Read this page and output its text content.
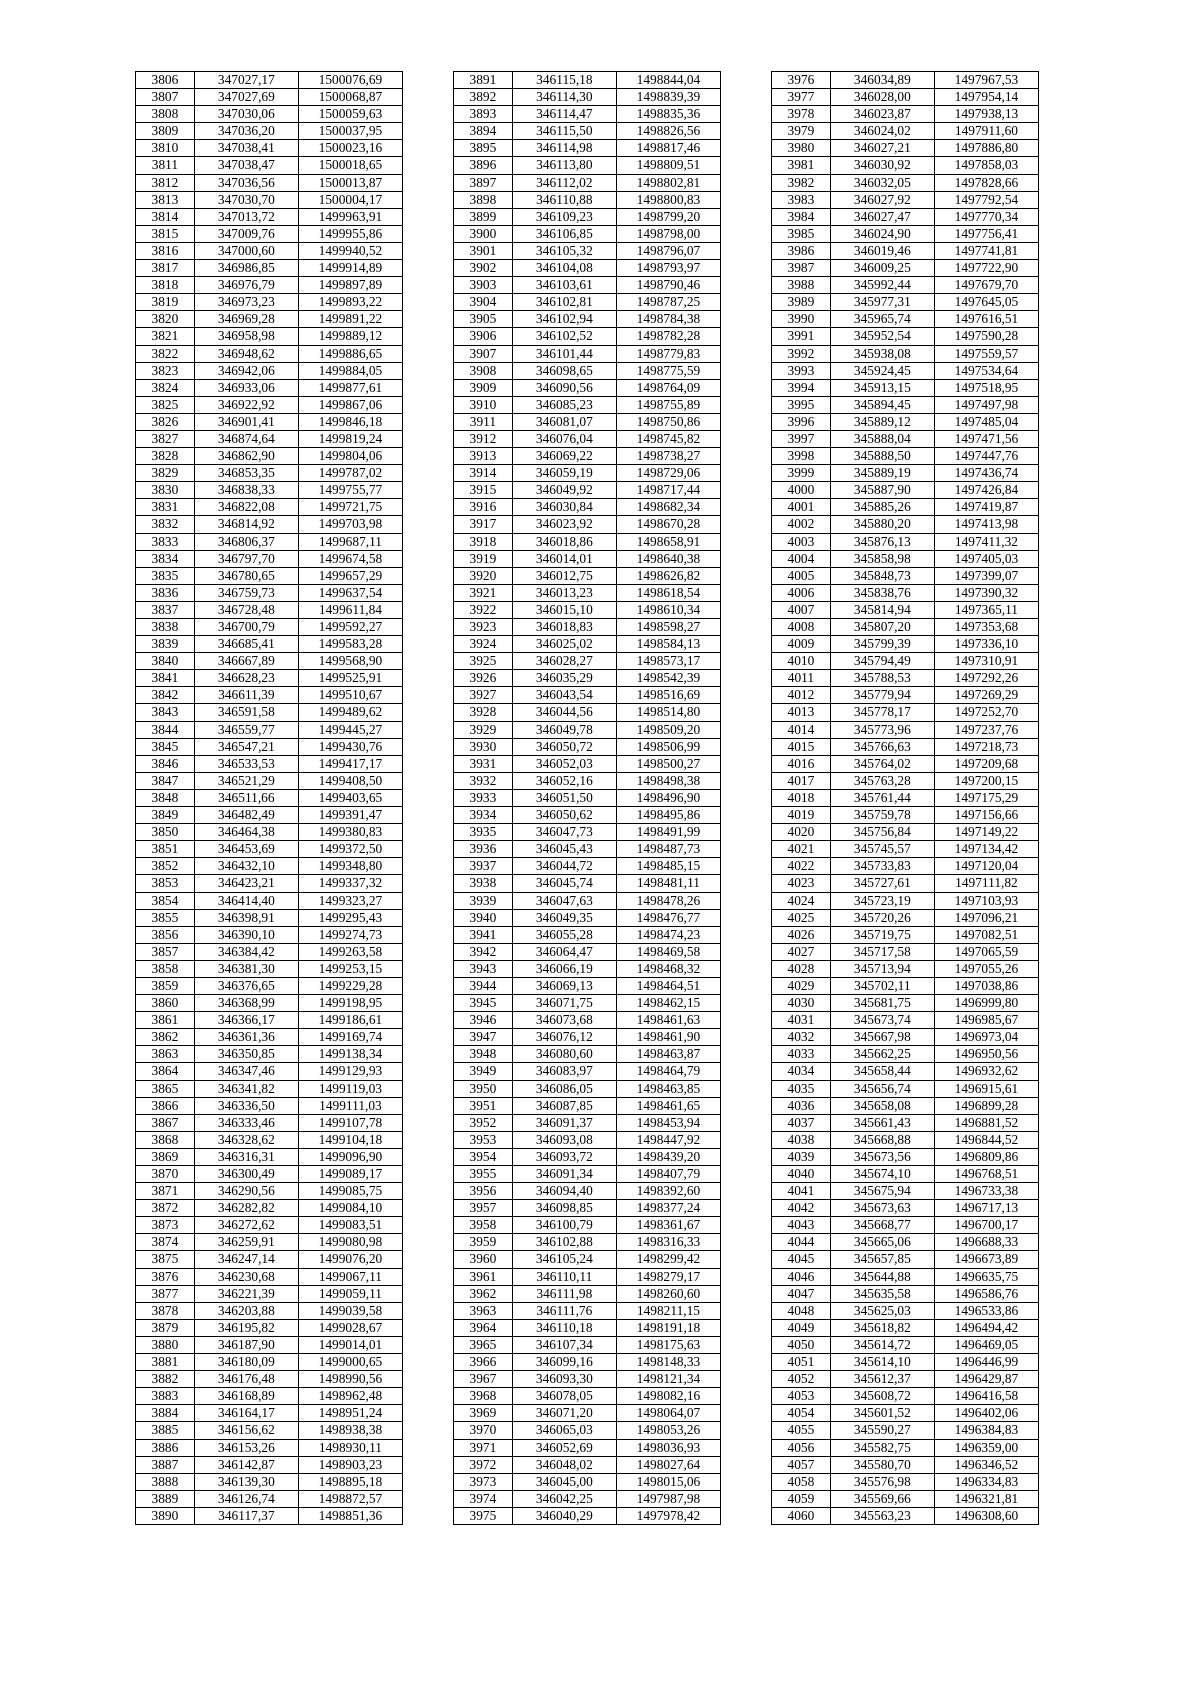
3806	347027,17	1500076,69
3807	347027,69	1500068,87
3808	347030,06	1500059,63
3809	347036,20	1500037,95
3810	347038,41	1500023,16
3811	347038,47	1500018,65
3812	347036,56	1500013,87
3813	347030,70	1500004,17
3814	347013,72	1499963,91
3815	347009,76	1499955,86
3816	347000,60	1499940,52
3817	346986,85	1499914,89
3818	346976,79	1499897,89
3819	346973,23	1499893,22
3820	346969,28	1499891,22
3821	346958,98	1499889,12
3822	346948,62	1499886,65
3823	346942,06	1499884,05
3824	346933,06	1499877,61
3825	346922,92	1499867,06
3826	346901,41	1499846,18
3827	346874,64	1499819,24
3828	346862,90	1499804,06
3829	346853,35	1499787,02
3830	346838,33	1499755,77
3831	346822,08	1499721,75
3832	346814,92	1499703,98
3833	346806,37	1499687,11
3834	346797,70	1499674,58
3835	346780,65	1499657,29
3836	346759,73	1499637,54
3837	346728,48	1499611,84
3838	346700,79	1499592,27
3839	346685,41	1499583,28
3840	346667,89	1499568,90
3841	346628,23	1499525,91
3842	346611,39	1499510,67
3843	346591,58	1499489,62
3844	346559,77	1499445,27
3845	346547,21	1499430,76
3846	346533,53	1499417,17
3847	346521,29	1499408,50
3848	346511,66	1499403,65
3849	346482,49	1499391,47
3850	346464,38	1499380,83
3851	346453,69	1499372,50
3852	346432,10	1499348,80
3853	346423,21	1499337,32
3854	346414,40	1499323,27
3855	346398,91	1499295,43
3856	346390,10	1499274,73
3857	346384,42	1499263,58
3858	346381,30	1499253,15
3859	346376,65	1499229,28
3860	346368,99	1499198,95
3861	346366,17	1499186,61
3862	346361,36	1499169,74
3863	346350,85	1499138,34
3864	346347,46	1499129,93
3865	346341,82	1499119,03
3866	346336,50	1499111,03
3867	346333,46	1499107,78
3868	346328,62	1499104,18
3869	346316,31	1499096,90
3870	346300,49	1499089,17
3871	346290,56	1499085,75
3872	346282,82	1499084,10
3873	346272,62	1499083,51
3874	346259,91	1499080,98
3875	346247,14	1499076,20
3876	346230,68	1499067,11
3877	346221,39	1499059,11
3878	346203,88	1499039,58
3879	346195,82	1499028,67
3880	346187,90	1499014,01
3881	346180,09	1499000,65
3882	346176,48	1498990,56
3883	346168,89	1498962,48
3884	346164,17	1498951,24
3885	346156,62	1498938,38
3886	346153,26	1498930,11
3887	346142,87	1498903,23
3888	346139,30	1498895,18
3889	346126,74	1498872,57
3890	346117,37	1498851,36
3891	346115,18	1498844,04
3892	346114,30	1498839,39
3893	346114,47	1498835,36
3894	346115,50	1498826,56
3895	346114,98	1498817,46
3896	346113,80	1498809,51
3897	346112,02	1498802,81
3898	346110,88	1498800,83
3899	346109,23	1498799,20
3900	346106,85	1498798,00
3901	346105,32	1498796,07
3902	346104,08	1498793,97
3903	346103,61	1498790,46
3904	346102,81	1498787,25
3905	346102,94	1498784,38
3906	346102,52	1498782,28
3907	346101,44	1498779,83
3908	346098,65	1498775,59
3909	346090,56	1498764,09
3910	346085,23	1498755,89
3911	346081,07	1498750,86
3912	346076,04	1498745,82
3913	346069,22	1498738,27
3914	346059,19	1498729,06
3915	346049,92	1498717,44
3916	346030,84	1498682,34
3917	346023,92	1498670,28
3918	346018,86	1498658,91
3919	346014,01	1498640,38
3920	346012,75	1498626,82
3921	346013,23	1498618,54
3922	346015,10	1498610,34
3923	346018,83	1498598,27
3924	346025,02	1498584,13
3925	346028,27	1498573,17
3926	346035,29	1498542,39
3927	346043,54	1498516,69
3928	346044,56	1498514,80
3929	346049,78	1498509,20
3930	346050,72	1498506,99
3931	346052,03	1498500,27
3932	346052,16	1498498,38
3933	346051,50	1498496,90
3934	346050,62	1498495,86
3935	346047,73	1498491,99
3936	346045,43	1498487,73
3937	346044,72	1498485,15
3938	346045,74	1498481,11
3939	346047,63	1498478,26
3940	346049,35	1498476,77
3941	346055,28	1498474,23
3942	346064,47	1498469,58
3943	346066,19	1498468,32
3944	346069,13	1498464,51
3945	346071,75	1498462,15
3946	346073,68	1498461,63
3947	346076,12	1498461,90
3948	346080,60	1498463,87
3949	346083,97	1498464,79
3950	346086,05	1498463,85
3951	346087,85	1498461,65
3952	346091,37	1498453,94
3953	346093,08	1498447,92
3954	346093,72	1498439,20
3955	346091,34	1498407,79
3956	346094,40	1498392,60
3957	346098,85	1498377,24
3958	346100,79	1498361,67
3959	346102,88	1498316,33
3960	346105,24	1498299,42
3961	346110,11	1498279,17
3962	346111,98	1498260,60
3963	346111,76	1498211,15
3964	346110,18	1498191,18
3965	346107,34	1498175,63
3966	346099,16	1498148,33
3967	346093,30	1498121,34
3968	346078,05	1498082,16
3969	346071,20	1498064,07
3970	346065,03	1498053,26
3971	346052,69	1498036,93
3972	346048,02	1498027,64
3973	346045,00	1498015,06
3974	346042,25	1497987,98
3975	346040,29	1497978,42
3976	346034,89	1497967,53
3977	346028,00	1497954,14
3978	346023,87	1497938,13
3979	346024,02	1497911,60
3980	346027,21	1497886,80
3981	346030,92	1497858,03
3982	346032,05	1497828,66
3983	346027,92	1497792,54
3984	346027,47	1497770,34
3985	346024,90	1497756,41
3986	346019,46	1497741,81
3987	346009,25	1497722,90
3988	345992,44	1497679,70
3989	345977,31	1497645,05
3990	345965,74	1497616,51
3991	345952,54	1497590,28
3992	345938,08	1497559,57
3993	345924,45	1497534,64
3994	345913,15	1497518,95
3995	345894,45	1497497,98
3996	345889,12	1497485,04
3997	345888,04	1497471,56
3998	345888,50	1497447,76
3999	345889,19	1497436,74
4000	345887,90	1497426,84
4001	345885,26	1497419,87
4002	345880,20	1497413,98
4003	345876,13	1497411,32
4004	345858,98	1497405,03
4005	345848,73	1497399,07
4006	345838,76	1497390,32
4007	345814,94	1497365,11
4008	345807,20	1497353,68
4009	345799,39	1497336,10
4010	345794,49	1497310,91
4011	345788,53	1497292,26
4012	345779,94	1497269,29
4013	345778,17	1497252,70
4014	345773,96	1497237,76
4015	345766,63	1497218,73
4016	345764,02	1497209,68
4017	345763,28	1497200,15
4018	345761,44	1497175,29
4019	345759,78	1497156,66
4020	345756,84	1497149,22
4021	345745,57	1497134,42
4022	345733,83	1497120,04
4023	345727,61	1497111,82
4024	345723,19	1497103,93
4025	345720,26	1497096,21
4026	345719,75	1497082,51
4027	345717,58	1497065,59
4028	345713,94	1497055,26
4029	345702,11	1497038,86
4030	345681,75	1496999,80
4031	345673,74	1496985,67
4032	345667,98	1496973,04
4033	345662,25	1496950,56
4034	345658,44	1496932,62
4035	345656,74	1496915,61
4036	345658,08	1496899,28
4037	345661,43	1496881,52
4038	345668,88	1496844,52
4039	345673,56	1496809,86
4040	345674,10	1496768,51
4041	345675,94	1496733,38
4042	345673,63	1496717,13
4043	345668,77	1496700,17
4044	345665,06	1496688,33
4045	345657,85	1496673,89
4046	345644,88	1496635,75
4047	345635,58	1496586,76
4048	345625,03	1496533,86
4049	345618,82	1496494,42
4050	345614,72	1496469,05
4051	345614,10	1496446,99
4052	345612,37	1496429,87
4053	345608,72	1496416,58
4054	345601,52	1496402,06
4055	345590,27	1496384,83
4056	345582,75	1496359,00
4057	345580,70	1496346,52
4058	345576,98	1496334,83
4059	345569,66	1496321,81
4060	345563,23	1496308,60
